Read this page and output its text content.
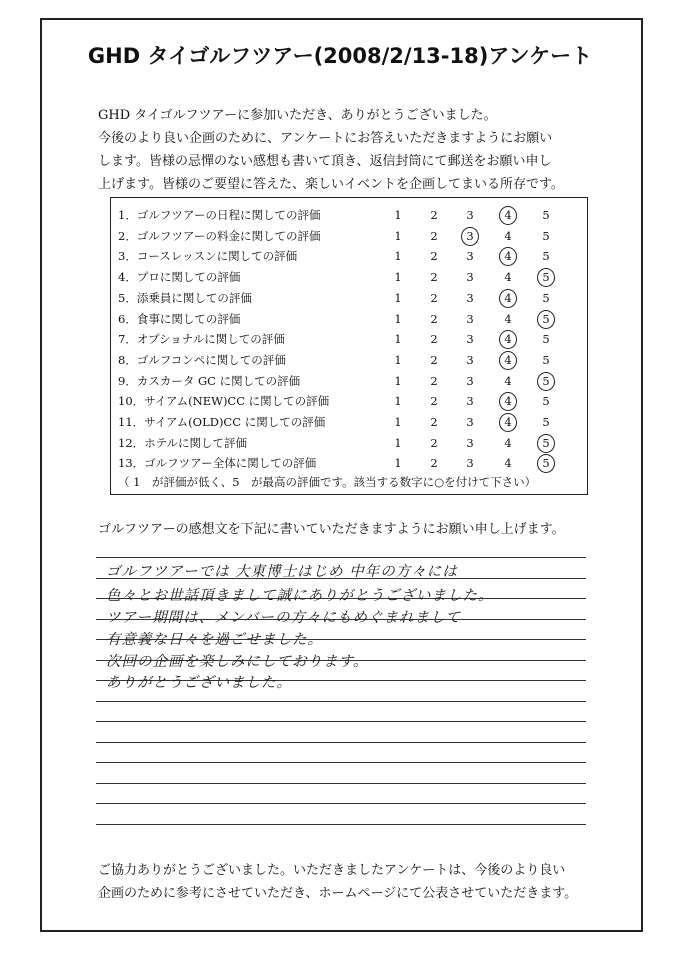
GHD タイゴルフツアー(2008/2/13-18)アンケート

GHD タイゴルフツアーに参加いただき、ありがとうございました。

今後のより良い企画のために、アンケートにお答えいただきますようにお願い

します。皆様の忌憚のない感想も書いて頂き、返信封筒にて郵送をお願い申し

上げます。皆様のご要望に答えた、楽しいイベントを企画してまいる所存です。

1．ゴルフツアーの日程に関しての評価	1	2	3	4	5
2．ゴルフツアーの料金に関しての評価	1	2	3	4	5
3．コースレッスンに関しての評価	1	2	3	4	5
4．プロに関しての評価	1	2	3	4	5
5．添乗員に関しての評価	1	2	3	4	5
6．食事に関しての評価	1	2	3	4	5
7．オプショナルに関しての評価	1	2	3	4	5
8．ゴルフコンペに関しての評価	1	2	3	4	5
9．カスカータ GC に関しての評価	1	2	3	4	5
10．サイアム(NEW)CC に関しての評価	1	2	3	4	5
11．サイアム(OLD)CC に関しての評価	1	2	3	4	5
12．ホテルに関して評価	1	2	3	4	5
13．ゴルフツアー全体に関しての評価	1	2	3	4	5
（ 1　が評価が低く、5　が最高の評価です。該当する数字に○を付けて下さい）
ゴルフツアーの感想文を下記に書いていただきますようにお願い申し上げます。
ゴルフツアーでは 大東博士はじめ 中年の方々には
色々とお世話頂きまして誠にありがとうございました。
ツアー期間は、メンバーの方々にもめぐまれまして
有意義な日々を過ごせました。
次回の企画を楽しみにしております。
ありがとうございました。

ご協力ありがとうございました。いただきましたアンケートは、今後のより良い

企画のために参考にさせていただき、ホームページにて公表させていただきます。
